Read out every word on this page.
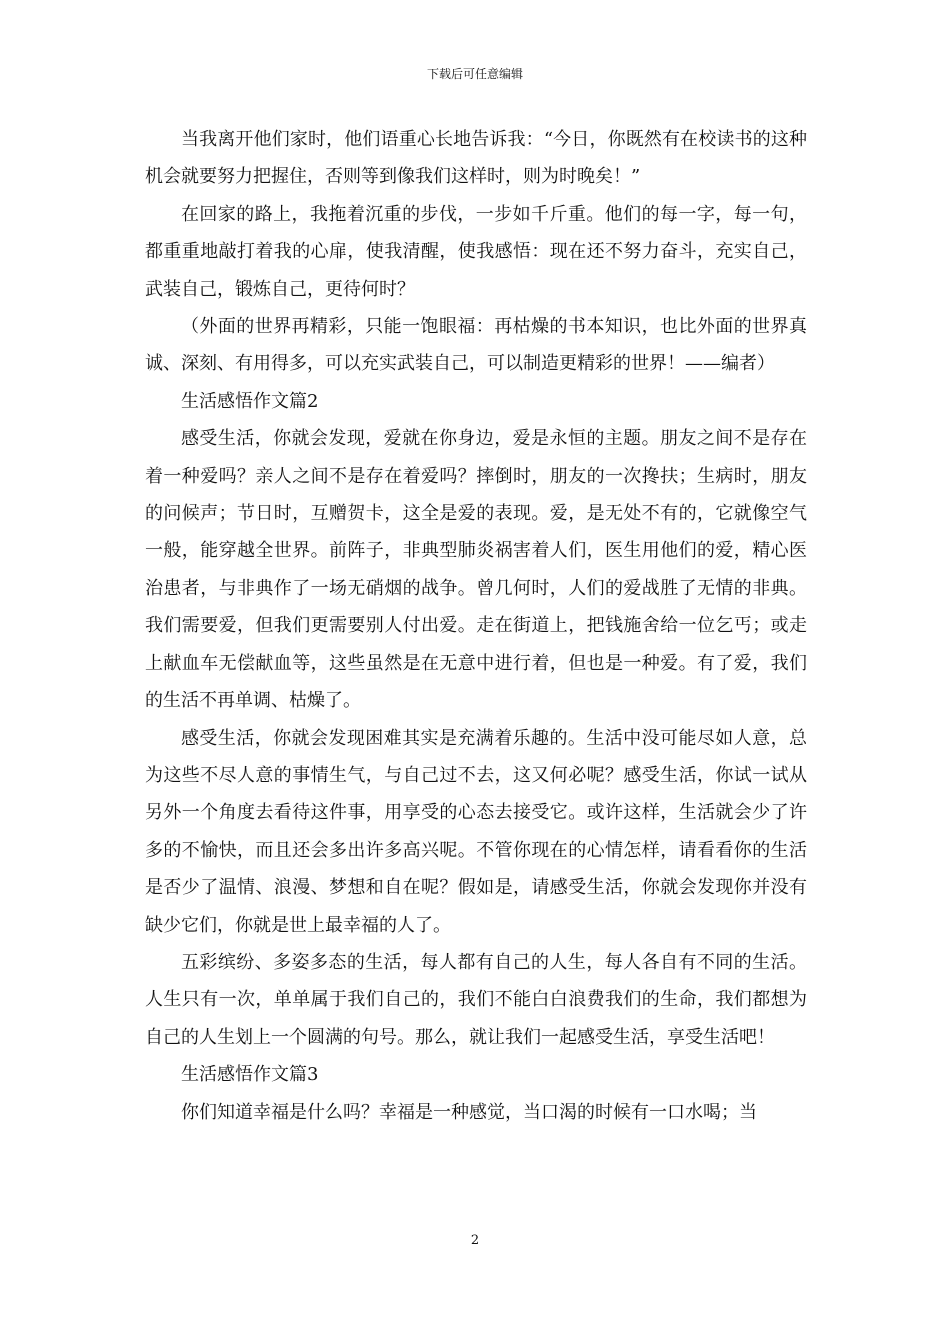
下载后可任意编辑

当我离开他们家时，他们语重心长地告诉我：“今日，你既然有在校读书的这种机会就要努力把握住，否则等到像我们这样时，则为时晚矣！”

在回家的路上，我拖着沉重的步伐，一步如千斤重。他们的每一字，每一句，都重重地敲打着我的心扉，使我清醒，使我感悟：现在还不努力奋斗，充实自己，武装自己，锻炼自己，更待何时？

（外面的世界再精彩，只能一饱眼福：再枯燥的书本知识，也比外面的世界真诚、深刻、有用得多，可以充实武装自己，可以制造更精彩的世界！——编者）

生活感悟作文篇2

感受生活，你就会发现，爱就在你身边，爱是永恒的主题。朋友之间不是存在着一种爱吗？亲人之间不是存在着爱吗？摔倒时，朋友的一次搀扶；生病时，朋友的问候声；节日时，互赠贺卡，这全是爱的表现。爱，是无处不有的，它就像空气一般，能穿越全世界。前阵子，非典型肺炎祸害着人们，医生用他们的爱，精心医治患者，与非典作了一场无硝烟的战争。曾几何时，人们的爱战胜了无情的非典。我们需要爱，但我们更需要别人付出爱。走在街道上，把钱施舍给一位乞丐；或走上献血车无偿献血等，这些虽然是在无意中进行着，但也是一种爱。有了爱，我们的生活不再单调、枯燥了。

感受生活，你就会发现困难其实是充满着乐趣的。生活中没可能尽如人意，总为这些不尽人意的事情生气，与自己过不去，这又何必呢？感受生活，你试一试从另外一个角度去看待这件事，用享受的心态去接受它。或许这样，生活就会少了许多的不愉快，而且还会多出许多高兴呢。不管你现在的心情怎样，请看看你的生活是否少了温情、浪漫、梦想和自在呢？假如是，请感受生活，你就会发现你并没有缺少它们，你就是世上最幸福的人了。

五彩缤纷、多姿多态的生活，每人都有自己的人生，每人各自有不同的生活。人生只有一次，单单属于我们自己的，我们不能白白浪费我们的生命，我们都想为自己的人生划上一个圆满的句号。那么，就让我们一起感受生活，享受生活吧！

生活感悟作文篇3

你们知道幸福是什么吗？幸福是一种感觉，当口渴的时候有一口水喝；当

2
